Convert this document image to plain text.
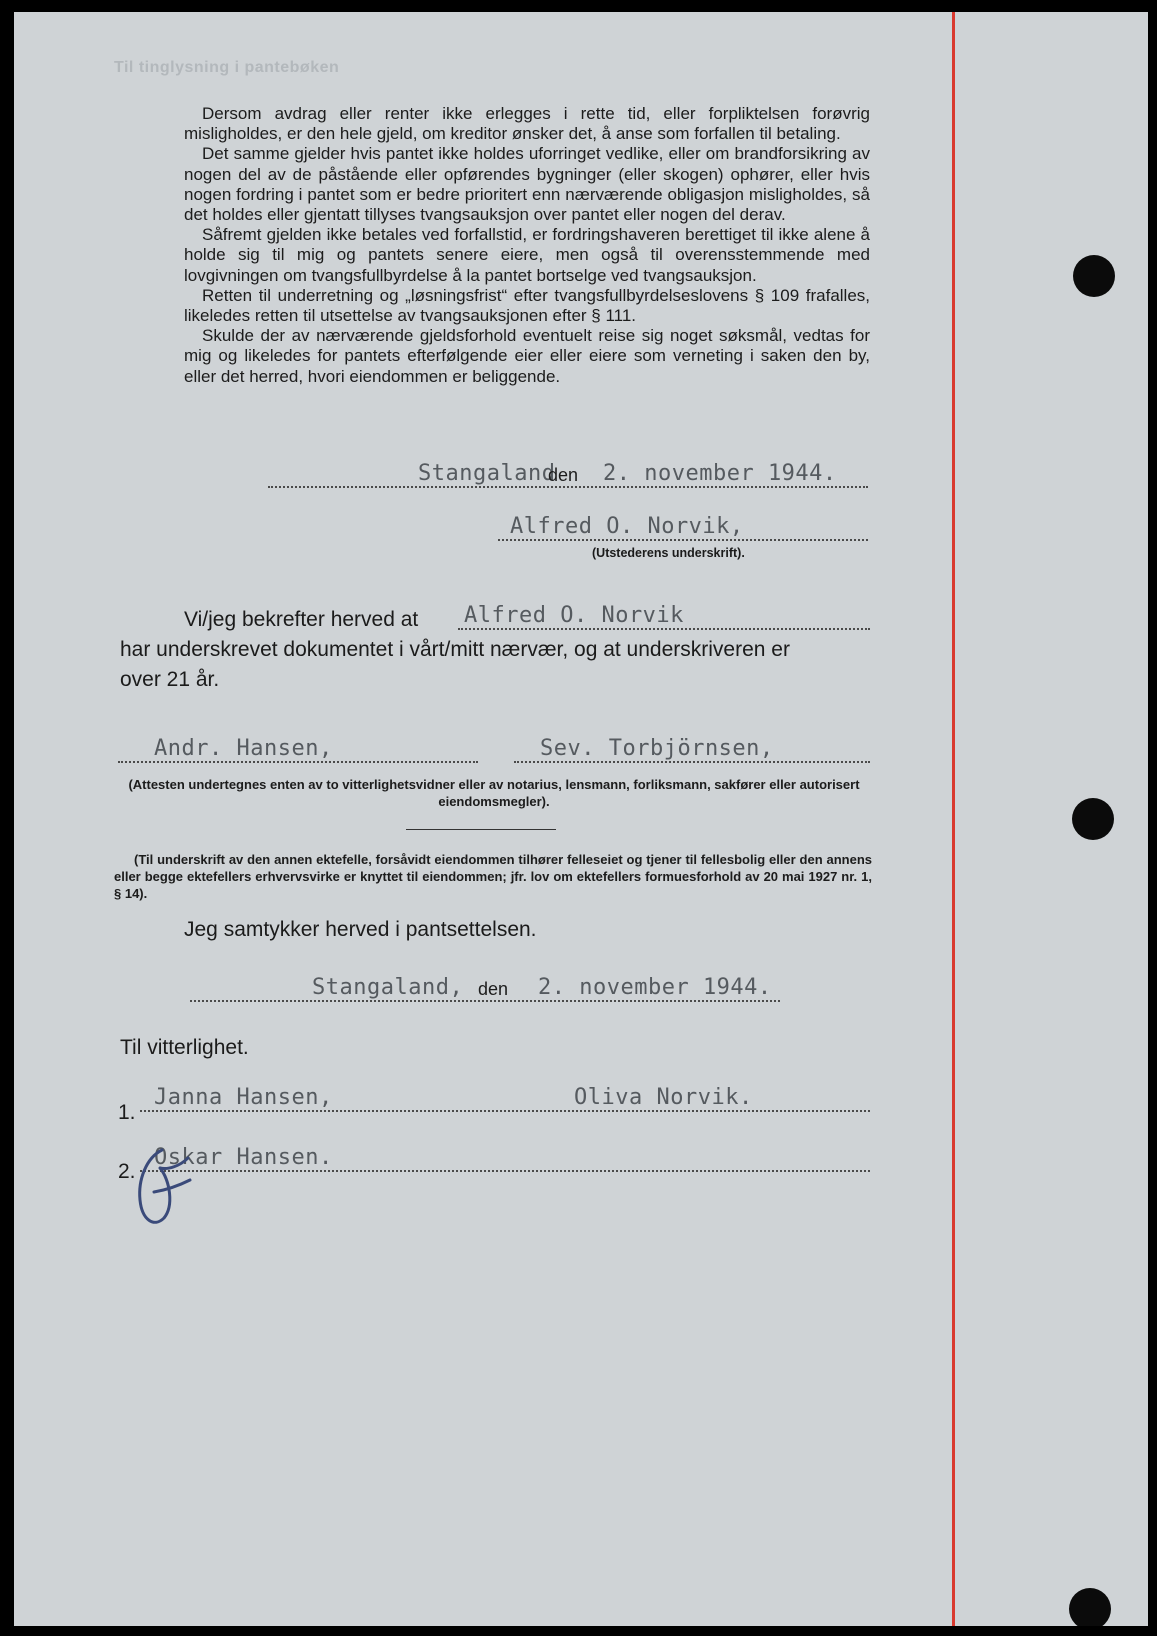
Til tinglysning i pantebøken

Dersom avdrag eller renter ikke erlegges i rette tid, eller forpliktelsen forøvrig misligholdes, er den hele gjeld, om kreditor ønsker det, å anse som forfallen til betaling.

Det samme gjelder hvis pantet ikke holdes uforringet vedlike, eller om brandforsikring av nogen del av de påstående eller opførendes bygninger (eller skogen) ophører, eller hvis nogen fordring i pantet som er bedre prioritert enn nærværende obligasjon misligholdes, så det holdes eller gjentatt tillyses tvangsauksjon over pantet eller nogen del derav.

Såfremt gjelden ikke betales ved forfallstid, er fordringshaveren berettiget til ikke alene å holde sig til mig og pantets senere eiere, men også til overensstemmende med lovgivningen om tvangsfullbyrdelse å la pantet bortselge ved tvangsauksjon.

Retten til underretning og „løsningsfrist“ efter tvangsfullbyrdelseslovens § 109 frafalles, likeledes retten til utsettelse av tvangsauksjonen efter § 111.

Skulde der av nærværende gjeldsforhold eventuelt reise sig noget søksmål, vedtas for mig og likeledes for pantets efterfølgende eier eller eiere som verneting i saken den by, eller det herred, hvori eiendommen er beliggende.

Stangaland
den 2. november 1944.
Alfred O. Norvik,
(Utstederens underskrift).
Vi/jeg bekrefter herved at Alfred O. Norvik
har underskrevet dokumentet i vårt/mitt nærvær, og at underskriveren er
over 21 år.
Andr. Hansen,	Sev. Torbjörnsen,
(Attesten undertegnes enten av to vitterlighetsvidner eller av notarius, lensmann, forliksmann, sakfører eller autorisert eiendomsmegler).
(Til underskrift av den annen ektefelle, forsåvidt eiendommen tilhører felleseiet og tjener til fellesbolig eller den annens eller begge ektefellers erhvervsvirke er knyttet til eiendommen; jfr. lov om ektefellers formuesforhold av 20 mai 1927 nr. 1, § 14).
Jeg samtykker herved i pantsettelsen.
Stangaland, den 2. november 1944.
Til vitterlighet.
1.
Janna Hansen,	Oliva Norvik.
2.
Oskar Hansen.
